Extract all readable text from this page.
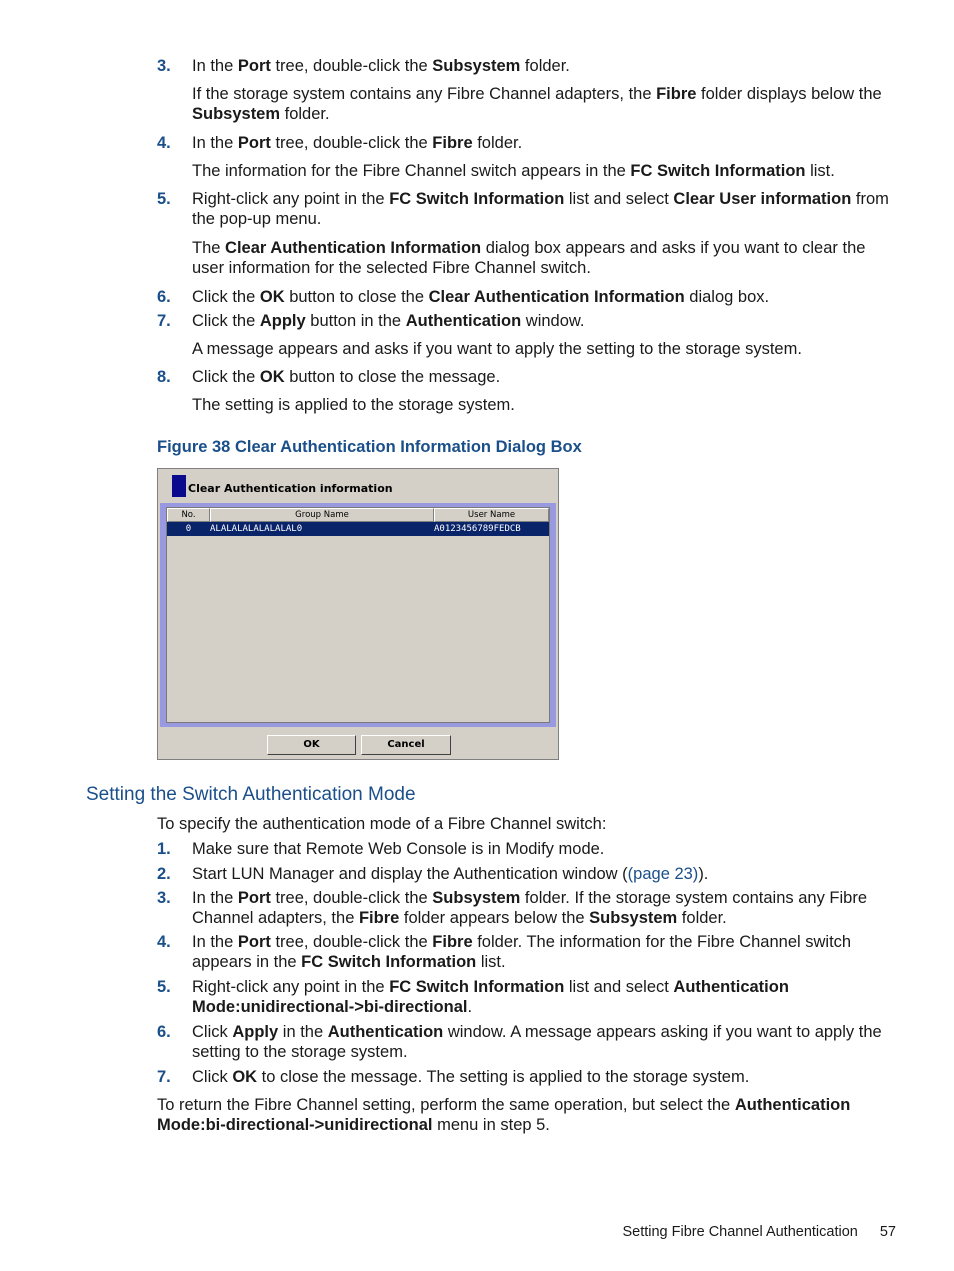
3. In the Port tree, double-click the Subsystem folder.
If the storage system contains any Fibre Channel adapters, the Fibre folder displays below the Subsystem folder.
4. In the Port tree, double-click the Fibre folder.
The information for the Fibre Channel switch appears in the FC Switch Information list.
5. Right-click any point in the FC Switch Information list and select Clear User information from the pop-up menu.
The Clear Authentication Information dialog box appears and asks if you want to clear the user information for the selected Fibre Channel switch.
6. Click the OK button to close the Clear Authentication Information dialog box.
7. Click the Apply button in the Authentication window.
A message appears and asks if you want to apply the setting to the storage system.
8. Click the OK button to close the message.
The setting is applied to the storage system.
Figure 38 Clear Authentication Information Dialog Box
Clear Authentication information
No.	Group Name	User Name
0	ALALALALALALALAL0	A0123456789FEDCB
OK	Cancel
Setting the Switch Authentication Mode
To specify the authentication mode of a Fibre Channel switch:
1. Make sure that Remote Web Console is in Modify mode.
2. Start LUN Manager and display the Authentication window ((page 23)).
3. In the Port tree, double-click the Subsystem folder. If the storage system contains any Fibre Channel adapters, the Fibre folder appears below the Subsystem folder.
4. In the Port tree, double-click the Fibre folder. The information for the Fibre Channel switch appears in the FC Switch Information list.
5. Right-click any point in the FC Switch Information list and select Authentication Mode:unidirectional->bi-directional.
6. Click Apply in the Authentication window. A message appears asking if you want to apply the setting to the storage system.
7. Click OK to close the message. The setting is applied to the storage system.
To return the Fibre Channel setting, perform the same operation, but select the Authentication Mode:bi-directional->unidirectional menu in step 5.
Setting Fibre Channel Authentication 57
